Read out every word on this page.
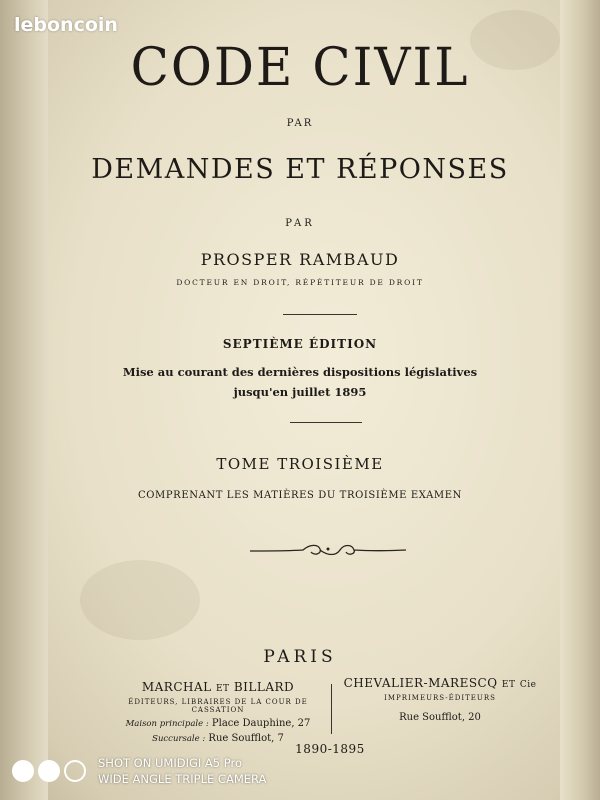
leboncoin
CODE CIVIL
PAR
DEMANDES ET RÉPONSES
PAR
PROSPER RAMBAUD
DOCTEUR EN DROIT, RÉPÉTITEUR DE DROIT
SEPTIÈME ÉDITION
Mise au courant des dernières dispositions législatives
jusqu'en juillet 1895
TOME TROISIÈME
COMPRENANT LES MATIÈRES DU TROISIÈME EXAMEN
PARIS
MARCHAL ET BILLARD
ÉDITEURS, LIBRAIRES DE LA COUR DE CASSATION
Maison principale : Place Dauphine, 27
Succursale : Rue Soufflot, 7
CHEVALIER-MARESCQ ET Cie
IMPRIMEURS-ÉDITEURS
Rue Soufflot, 20
1890-1895
SHOT ON UMIDIGI A5 Pro
WIDE ANGLE TRIPLE CAMERA
